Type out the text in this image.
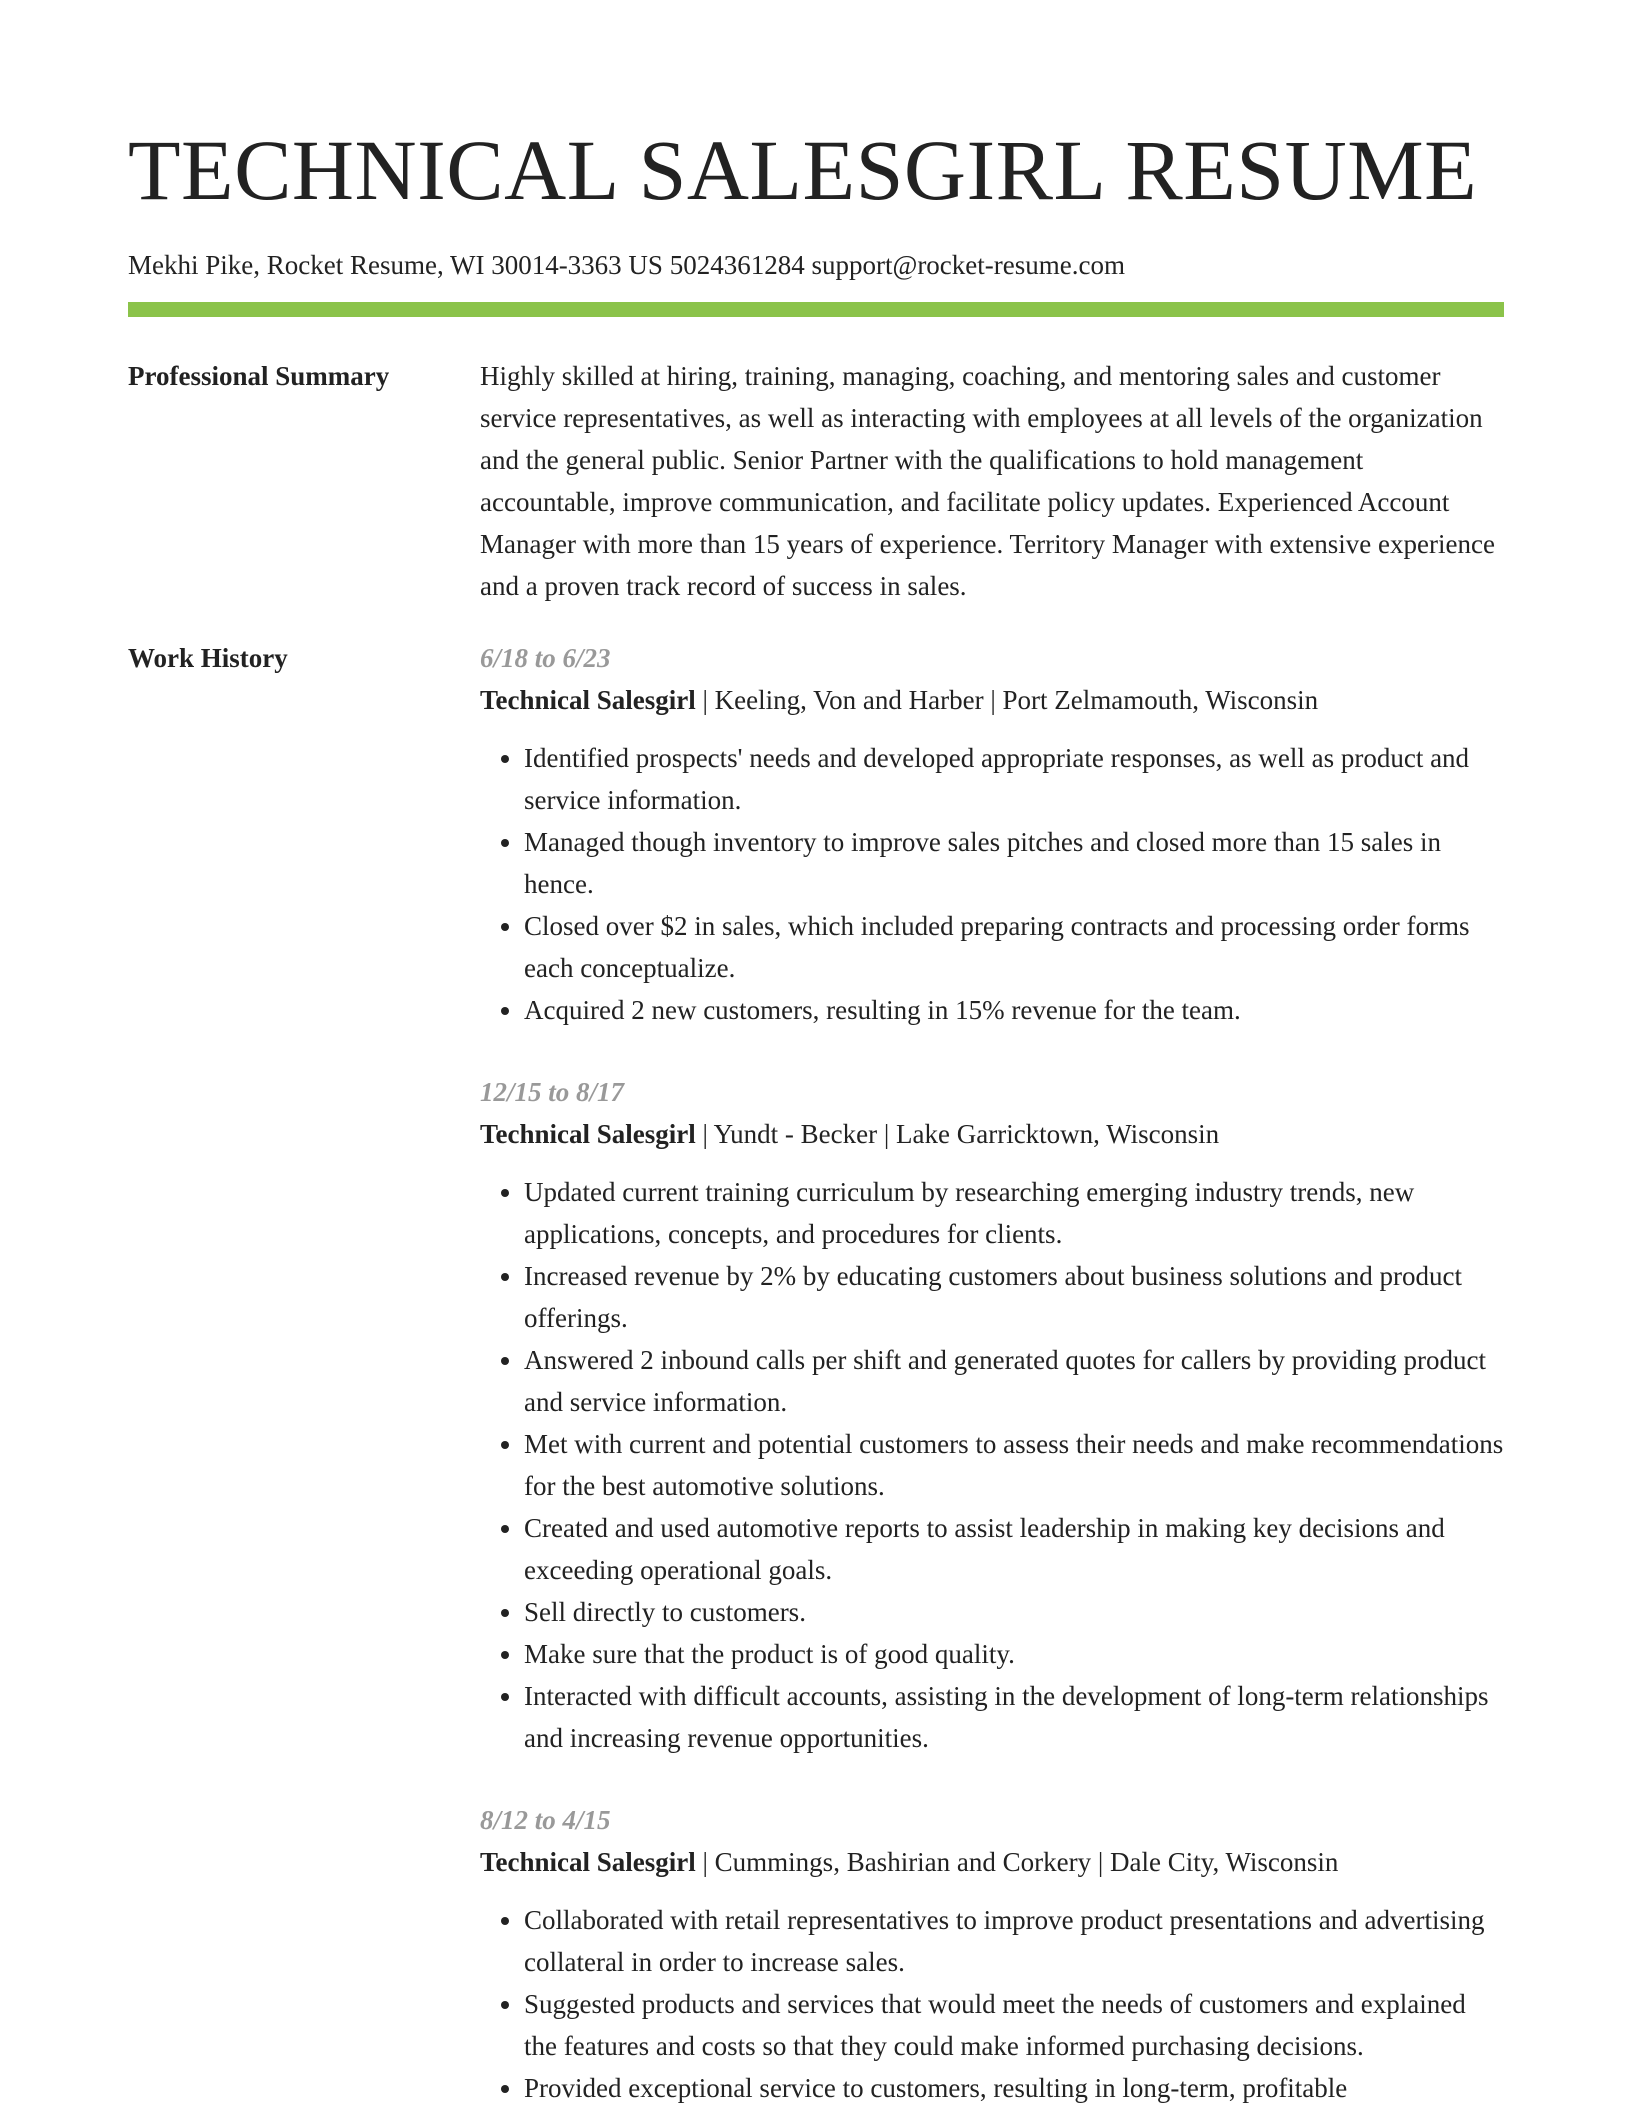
TECHNICAL SALESGIRL RESUME
Mekhi Pike, Rocket Resume, WI 30014-3363 US 5024361284 support@rocket-resume.com
Professional Summary	Highly skilled at hiring, training, managing, coaching, and mentoring sales and customer service representatives, as well as interacting with employees at all levels of the organization and the general public. Senior Partner with the qualifications to hold management accountable, improve communication, and facilitate policy updates. Experienced Account Manager with more than 15 years of experience. Territory Manager with extensive experience and a proven track record of success in sales.
Work History	6/18 to 6/23
Technical Salesgirl | Keeling, Von and Harber | Port Zelmamouth, Wisconsin
• Identified prospects' needs and developed appropriate responses, as well as product and service information.
• Managed though inventory to improve sales pitches and closed more than 15 sales in hence.
• Closed over $2 in sales, which included preparing contracts and processing order forms each conceptualize.
• Acquired 2 new customers, resulting in 15% revenue for the team.
12/15 to 8/17
Technical Salesgirl | Yundt - Becker | Lake Garricktown, Wisconsin
• Updated current training curriculum by researching emerging industry trends, new applications, concepts, and procedures for clients.
• Increased revenue by 2% by educating customers about business solutions and product offerings.
• Answered 2 inbound calls per shift and generated quotes for callers by providing product and service information.
• Met with current and potential customers to assess their needs and make recommendations for the best automotive solutions.
• Created and used automotive reports to assist leadership in making key decisions and exceeding operational goals.
• Sell directly to customers.
• Make sure that the product is of good quality.
• Interacted with difficult accounts, assisting in the development of long-term relationships and increasing revenue opportunities.
8/12 to 4/15
Technical Salesgirl | Cummings, Bashirian and Corkery | Dale City, Wisconsin
• Collaborated with retail representatives to improve product presentations and advertising collateral in order to increase sales.
• Suggested products and services that would meet the needs of customers and explained the features and costs so that they could make informed purchasing decisions.
• Provided exceptional service to customers, resulting in long-term, profitable
